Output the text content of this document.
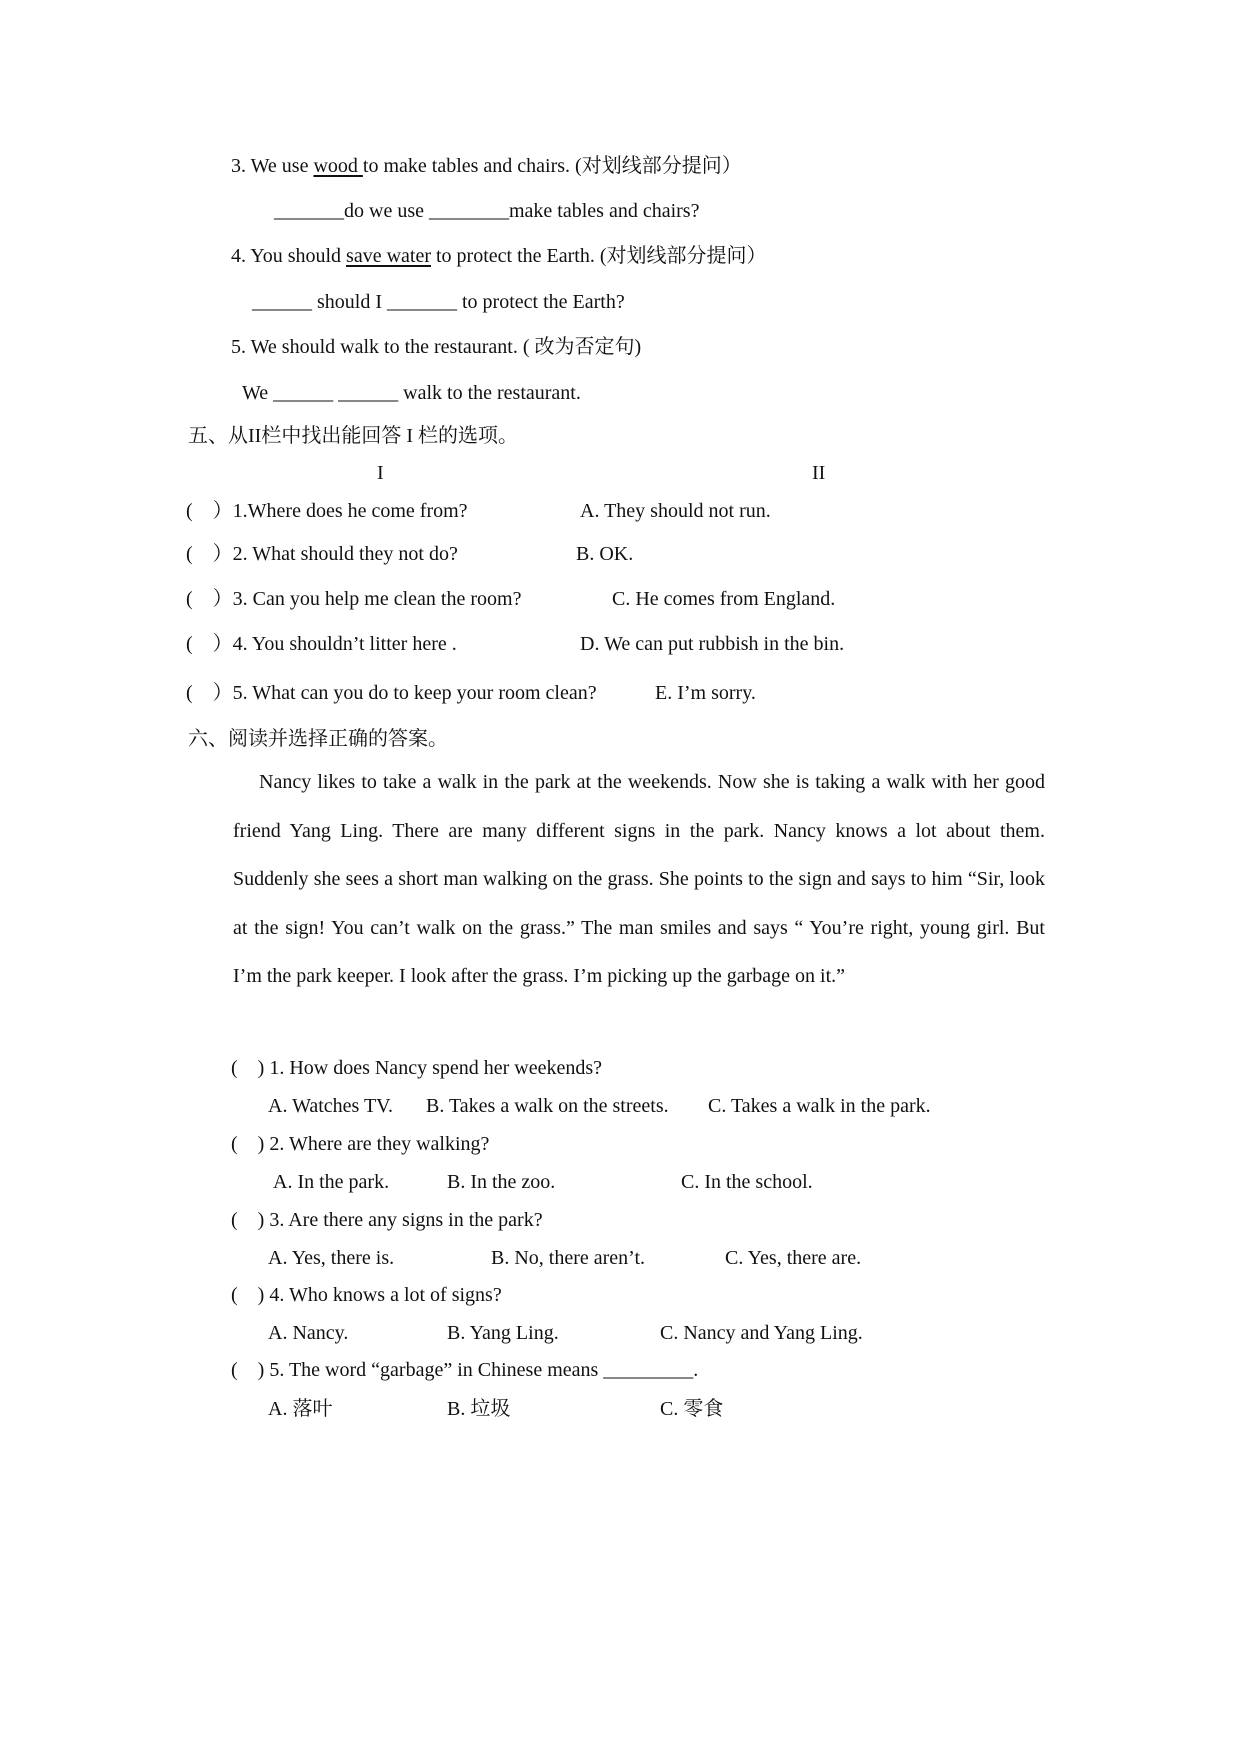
3. We use wood to make tables and chairs. (对划线部分提问）
_______do we use ________make tables and chairs?
4. You should save water to protect the Earth. (对划线部分提问）
______ should I _______ to protect the Earth?
5. We should walk to the restaurant. ( 改为否定句)
We ______ ______ walk to the restaurant.
五、从II栏中找出能回答 I 栏的选项。
I	II
(    ）1.Where does he come from?	A. They should not run.
(    ）2. What should they not do?	B. OK.
(    ）3. Can you help me clean the room?	C. He comes from England.
(    ）4. You shouldn’t litter here .	D. We can put rubbish in the bin.
(    ）5. What can you do to keep your room clean?	E. I’m sorry.
六、阅读并选择正确的答案。
Nancy likes to take a walk in the park at the weekends. Now she is taking a walk with her good friend Yang Ling. There are many different signs in the park. Nancy knows a lot about them. Suddenly she sees a short man walking on the grass. She points to the sign and says to him “Sir, look at the sign! You can’t walk on the grass.” The man smiles and says “ You’re right, young girl. But I’m the park keeper. I look after the grass. I’m picking up the garbage on it.”
(    ) 1. How does Nancy spend her weekends?
A. Watches TV. B. Takes a walk on the streets. C. Takes a walk in the park.
(    ) 2. Where are they walking?
A. In the park.	B. In the zoo.	C. In the school.
(    ) 3. Are there any signs in the park?
A. Yes, there is.	B. No, there aren’t.	C. Yes, there are.
(    ) 4. Who knows a lot of signs?
A. Nancy.	B. Yang Ling.	C. Nancy and Yang Ling.
(    ) 5. The word “garbage” in Chinese means _________.
A. 落叶	B. 垃圾	C. 零食
